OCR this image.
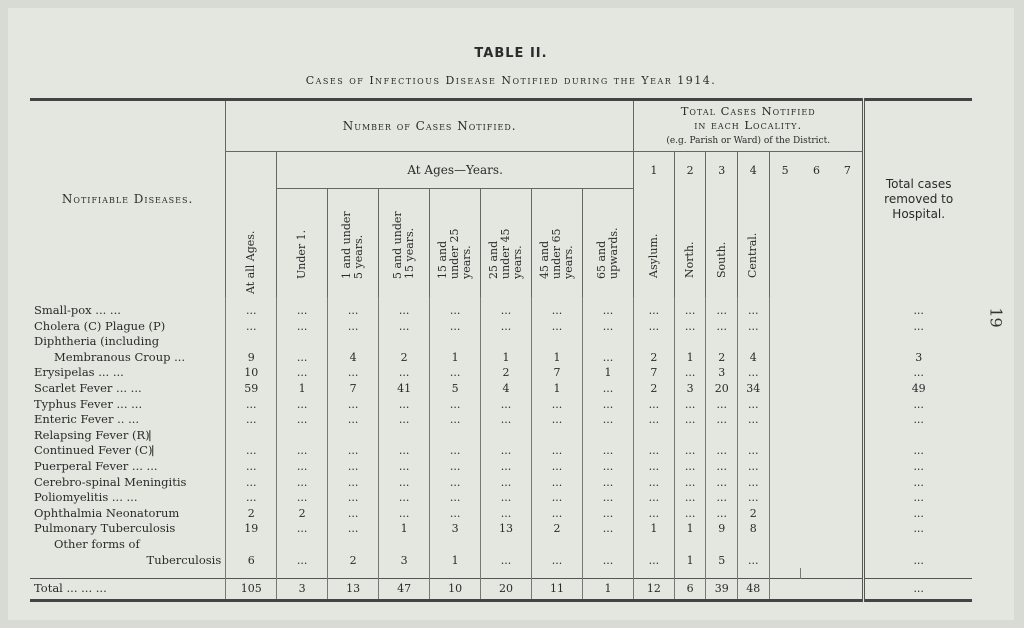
19
TABLE II.
Cases of Infectious Disease Notified during the Year 1914.
Notifiable Diseases.	Number of Cases Notified.								Total Cases Notified
in each Locality.
(e.g. Parish or Ward) of the District.							Total cases removed to Hospital.
	At all Ages.	At Ages—Years.							1	2	3	4	5	6	7	
		Under 1.	1 and under 5 years.	5 and under 15 years.	15 and under 25 years.	25 and under 45 years.	45 and under 65 years.	65 and upwards.	Asylum.	North.	South.	Central.				
Small-pox ... ...	...	...	...	...	...	...	...	...	...	...	...	...				...
Cholera (C) Plague (P)	...	...	...	...	...	...	...	...	...	...	...	...				...
Diphtheria (including																
Membranous Croup ...	9	...	4	2	1	1	1	...	2	1	2	4				3
Erysipelas ... ...	10	...	...	...	...	2	7	1	7	...	3	...				...
Scarlet Fever ... ...	59	1	7	41	5	4	1	...	2	3	20	34				49
Typhus Fever ... ...	...	...	...	...	...	...	...	...	...	...	...	...				...
Enteric Fever .. ...	...	...	...	...	...	...	...	...	...	...	...	...				...
Relapsing Fever (R)⎸																
Continued Fever (C)⎸	...	...	...	...	...	...	...	...	...	...	...	...				...
Puerperal Fever ... ...	...	...	...	...	...	...	...	...	...	...	...	...				...
Cerebro-spinal Meningitis	...	...	...	...	...	...	...	...	...	...	...	...				...
Poliomyelitis ... ...	...	...	...	...	...	...	...	...	...	...	...	...				...
Ophthalmia Neonatorum	2	2	...	...	...	...	...	...	...	...	...	2				...
Pulmonary Tuberculosis	19	...	...	1	3	13	2	...	1	1	9	8				...
Other forms of																
Tuberculosis	6	...	2	3	1	...	...	...	...	1	5	...				...

Total ... ... ...	105	3	13	47	10	20	11	1	12	6	39	48				...
